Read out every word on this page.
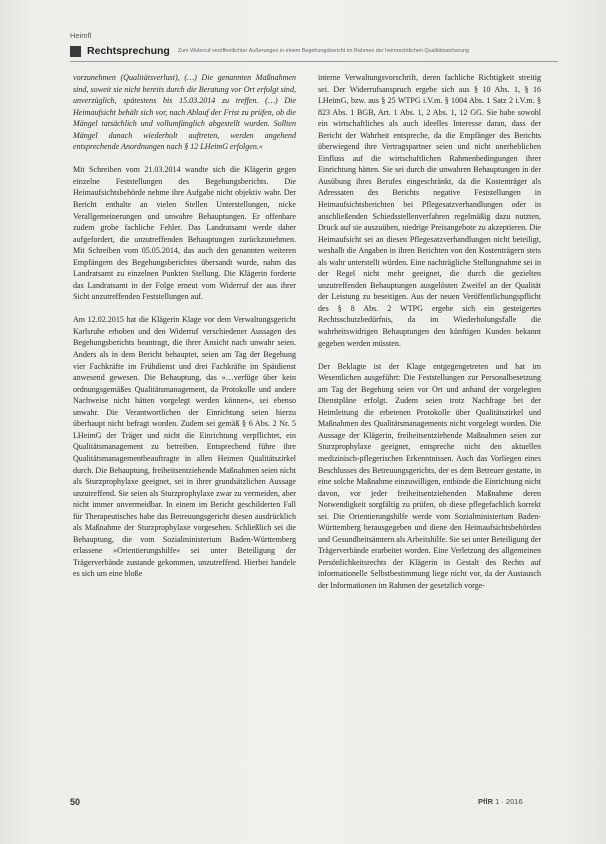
Heimfl
Rechtsprechung Zum Widerruf veröffentlichter Äußerungen in einem Begehungsbericht im Rahmen der heimrechtlichen Qualitätssicherung

vorzunehmen (Qualitätsverlust), (…) Die genannten Maßnahmen sind, soweit sie nicht bereits durch die Beratung vor Ort erfolgt sind, unverzüglich, spätestens bis 15.03.2014 zu treffen. (…) Die Heimaufsicht behält sich vor, nach Ablauf der Frist zu prüfen, ob die Mängel tatsächlich und vollumfänglich abgestellt wurden. Sollten Mängel danach wiederholt auftreten, werden angehend entsprechende Anordnungen nach § 12 LHeimG erfolgen.«

Mit Schreiben vom 21.03.2014 wandte sich die Klägerin gegen einzelne Feststellungen des Begehungsberichts. Die Heimaufsichtsbehörde nehme ihre Aufgabe nicht objektiv wahr. Der Bericht enthalte an vielen Stellen Unterstellungen, nicke Verallgemeinerungen und unwahre Behauptungen. Er offenbare zudem grobe fachliche Fehler. Das Landratsamt werde daher aufgefordert, die unzutreffenden Behauptungen zurückzunehmen. Mit Schreiben vom 05.05.2014, das auch den genannten weiteren Empfängern des Begehungsberichtes übersandt wurde, nahm das Landratsamt zu einzelnen Punkten Stellung. Die Klägerin forderte das Landratsamt in der Folge erneut vom Widerruf der aus ihrer Sicht unzutreffenden Feststellungen auf.

Am 12.02.2015 hat die Klägerin Klage vor dem Verwaltungsgericht Karlsruhe erhoben und den Widerruf verschiedener Aussagen des Begehungsberichts beantragt, die ihrer Ansicht nach unwahr seien. Anders als in dem Bericht behauptet, seien am Tag der Begehung vier Fachkräfte im Frühdienst und drei Fachkräfte im Spätdienst anwesend gewesen. Die Behauptung, das »…verfüge über kein ordnungsgemäßes Qualitätsmanagement, da Protokolle und andere Nachweise nicht hätten vorgelegt werden können«, sei ebenso unwahr. Die Verantwortlichen der Einrichtung seien hierzu überhaupt nicht befragt worden. Zudem sei gemäß § 6 Abs. 2 Nr. 5 LHeimG der Träger und nicht die Einrichtung verpflichtet, ein Qualitätsmanagement zu betreiben. Entsprechend führe ihre Qualitätsmanagementbeauftragte in allen Heimen Qualitätszirkel durch. Die Behauptung, freiheitsentziehende Maßnahmen seien nicht als Sturzprophylaxe geeignet, sei in ihrer grundsätzlichen Aussage unzutreffend. Sie seien als Sturzprophylaxe zwar zu vermeiden, aber nicht immer unvermeidbar. In einem im Bericht geschilderten Fall für Therapeutisches habe das Betreuungsgericht diesen ausdrücklich als Maßnahme der Sturzprophylaxe vorgesehen. Schließlich sei die Behauptung, die vom Sozialministerium Baden-Württemberg erlassene »Orientierungshilfe« sei unter Beteiligung der Trägerverbände zustande gekommen, unzutreffend. Hierbei handele es sich um eine bloße

interne Verwaltungsvorschrift, deren fachliche Richtigkeit streitig sei. Der Widerrufsanspruch ergebe sich aus § 10 Abs. 1, § 16 LHeimG, bzw. aus § 25 WTPG i.V.m. § 1004 Abs. 1 Satz 2 i.V.m. § 823 Abs. 1 BGB, Art. 1 Abs. 1, 2 Abs. 1, 12 GG. Sie habe sowohl ein wirtschaftliches als auch ideelles Interesse daran, dass der Bericht der Wahrheit entspreche, da die Empfänger des Berichts überwiegend ihre Vertragspartner seien und nicht unerheblichen Einfluss auf die wirtschaftlichen Rahmenbedingungen ihrer Einrichtung hätten. Sie sei durch die unwahren Behauptungen in der Ausübung ihres Berufes eingeschränkt, da die Kostenträger als Adressaten des Berichts negative Feststellungen in Heimaufsichtsberichten bei Pflegesatzverhandlungen oder in anschließenden Schiedsstellenverfahren regelmäßig dazu nutzten, Druck auf sie auszuüben, niedrige Preisangebote zu akzeptieren. Die Heimaufsicht sei an diesen Pflegesatzverhandlungen nicht beteiligt, weshalb die Angaben in ihren Berichten von den Kostenträgern stets als wahr unterstellt würden. Eine nachträgliche Stellungnahme sei in der Regel nicht mehr geeignet, die durch die gezielten unzutreffenden Behauptungen ausgelösten Zweifel an der Qualität der Leistung zu beseitigen. Aus der neuen Veröffentlichungspflicht des § 8 Abs. 2 WTPG ergebe sich ein gesteigertes Rechtsschutzbedürfnis, da im Wiederholungsfalle die wahrheitswidrigen Behauptungen den künftigen Kunden bekannt gegeben werden müssten.

Der Beklagte ist der Klage entgegengetreten und hat im Wesentlichen ausgeführt: Die Feststellungen zur Personalbesetzung am Tag der Begehung seien vor Ort und anhand der vorgelegten Dienstpläne erfolgt. Zudem seien trotz Nachfrage bei der Heimleitung die erbetenen Protokolle über Qualitätszirkel und Maßnahmen des Qualitätsmanagements nicht vorgelegt worden. Die Aussage der Klägerin, freiheitsentziehende Maßnahmen seien zur Sturzprophylaxe geeignet, entspreche nicht den aktuellen medizinisch-pflegerischen Erkenntnissen. Auch das Vorliegen eines Beschlusses des Betreuungsgerichts, der es dem Betreuer gestatte, in eine solche Maßnahme einzuwilligen, entbinde die Einrichtung nicht davon, vor jeder freiheitsentziehenden Maßnahme deren Notwendigkeit sorgfältig zu prüfen, ob diese pflegefachlich korrekt sei. Die Orientierungshilfe werde vom Sozialministerium Baden-Württemberg herausgegeben und diene den Heimaufsichtsbehörden und Gesundheitsämtern als Arbeitshilfe. Sie sei unter Beteiligung der Trägerverbände erarbeitet worden. Eine Verletzung des allgemeinen Persönlichkeitsrechts der Klägerin in Gestalt des Rechts auf informationelle Selbstbestimmung liege nicht vor, da der Austausch der Informationen im Rahmen der gesetzlich vorge-

50	PflR 1 · 2016
